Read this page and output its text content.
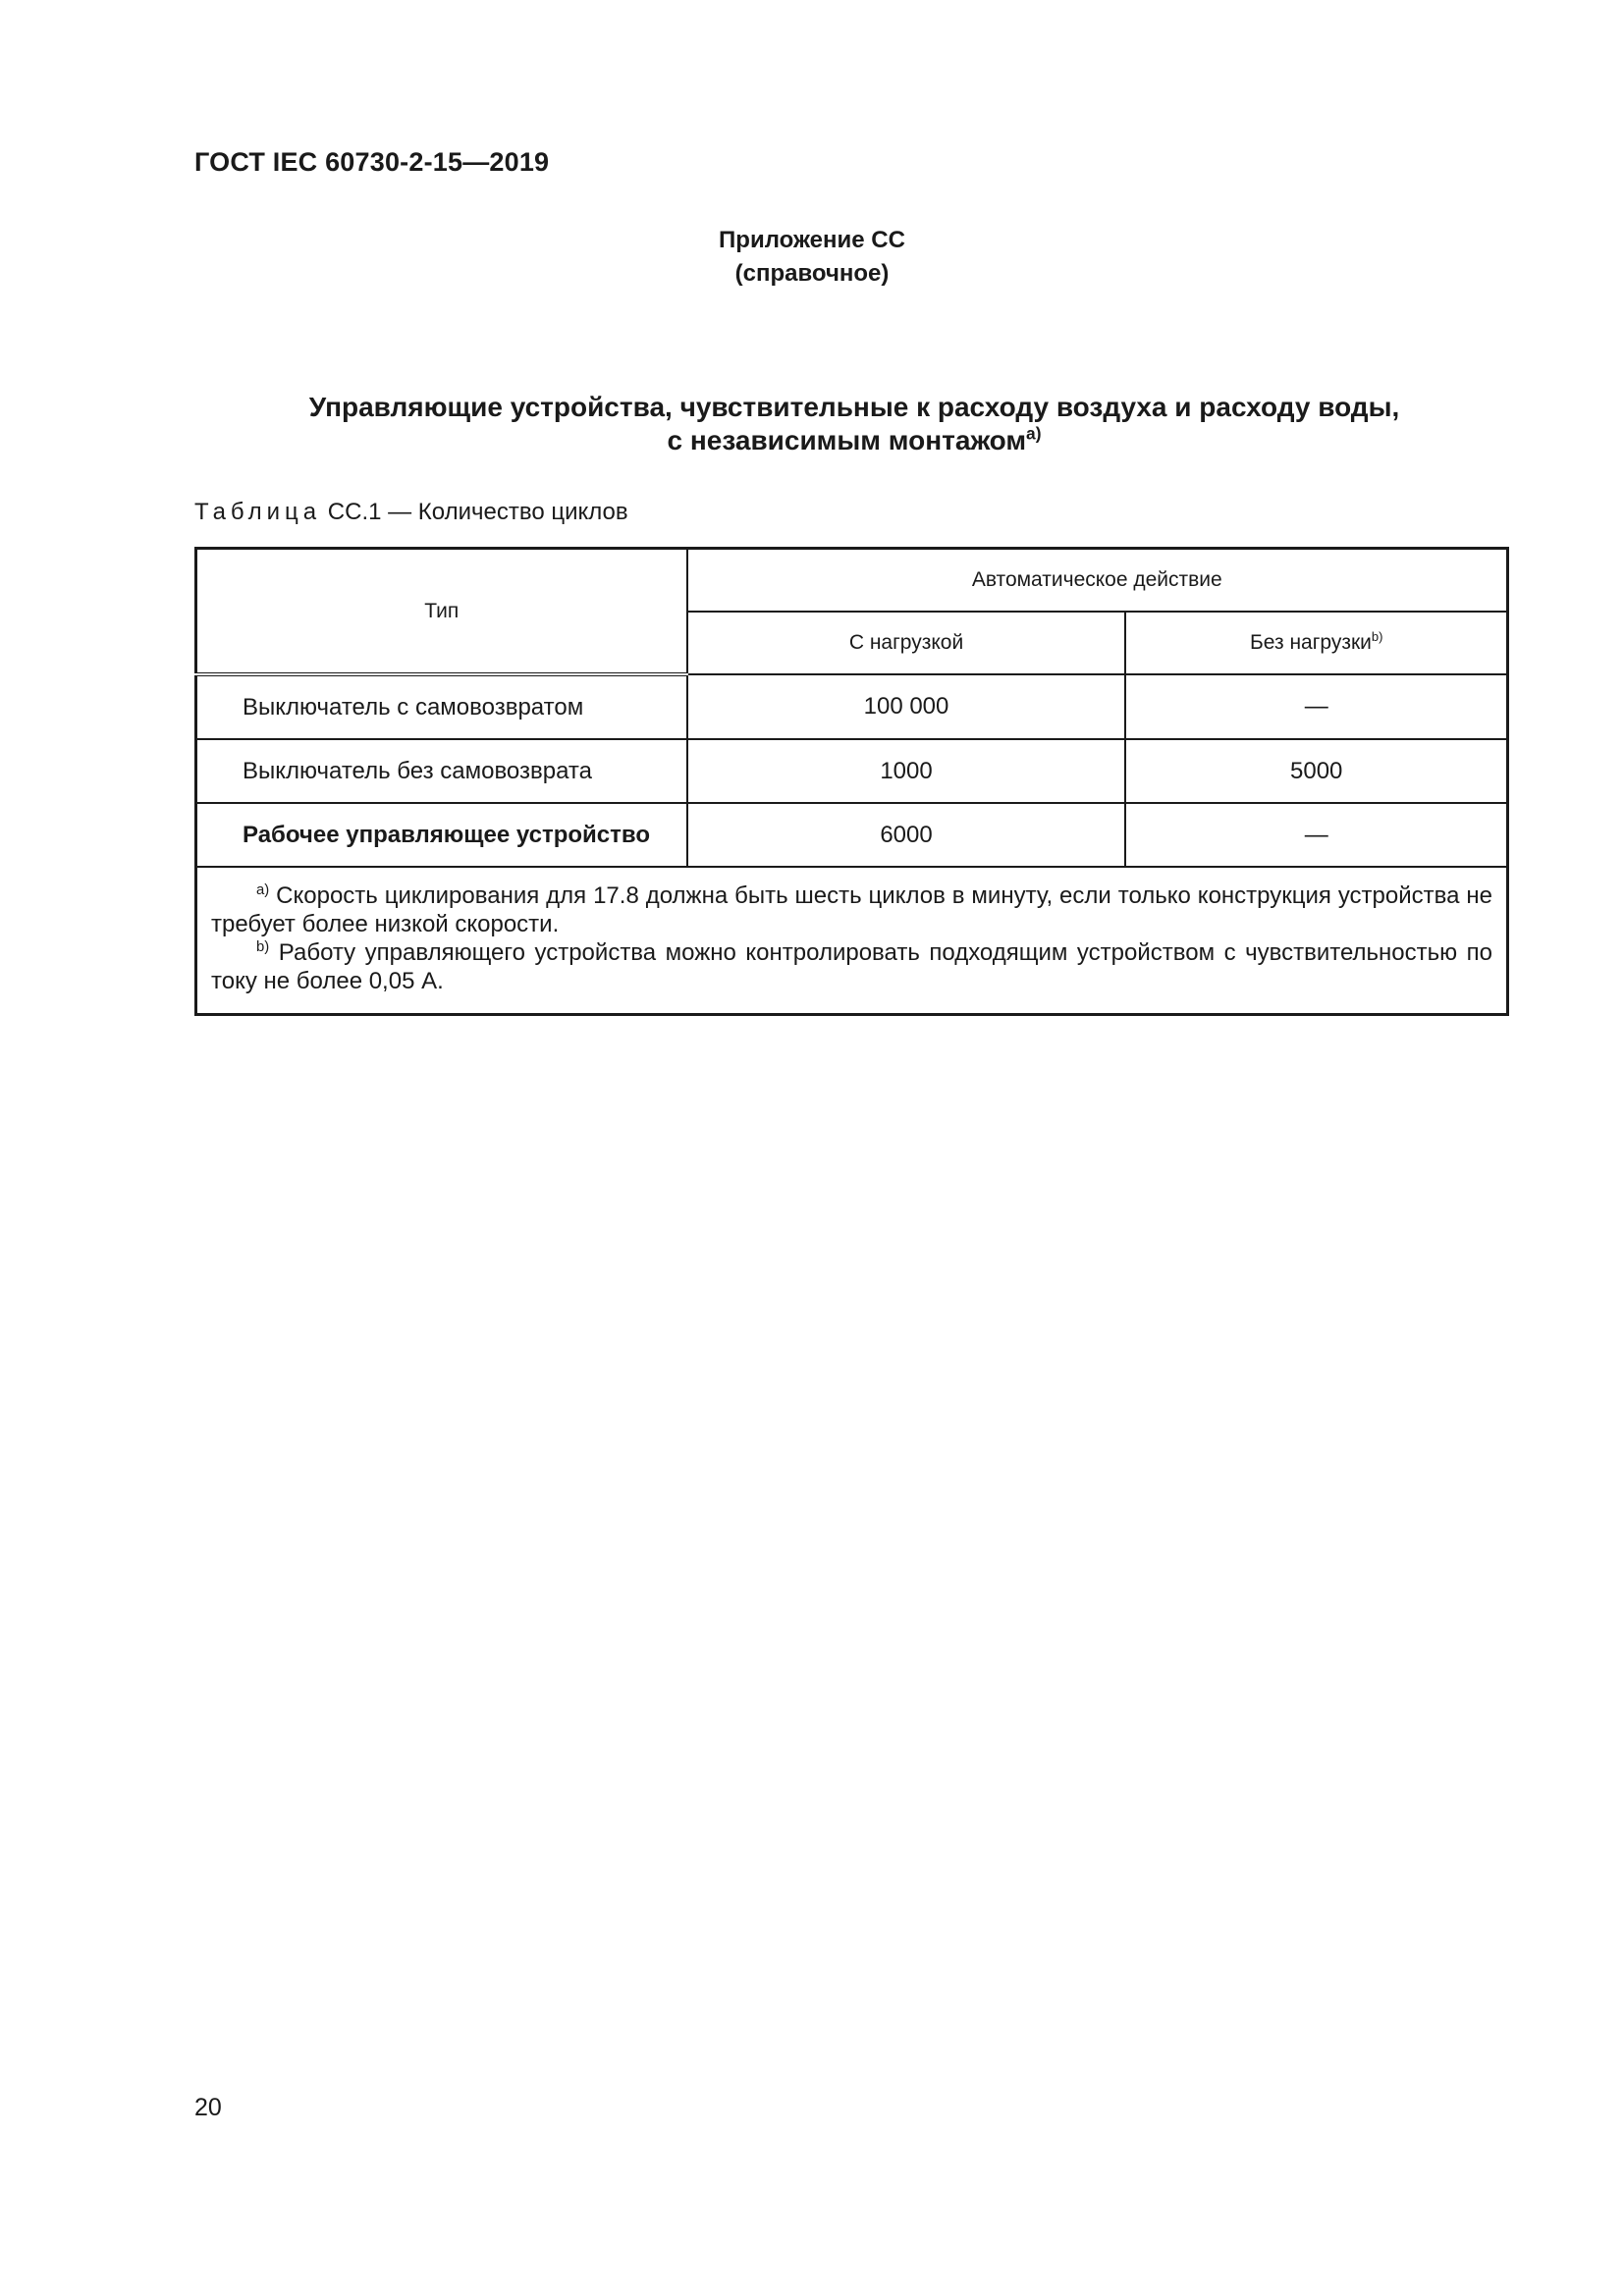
ГОСТ IEC 60730-2-15—2019
Приложение СС
(справочное)
Управляющие устройства, чувствительные к расходу воздуха и расходу воды,
с независимым монтажом$^{a)}$
Таблица СС.1 — Количество циклов
Тип	Автоматическое действие	
	С нагрузкой	Без нагрузки$^{b)}$
Выключатель с самовозвратом	100 000	—
Выключатель без самовозврата	1000	5000
Рабочее управляющее устройство	6000	—

$^{a)}$ Скорость циклирования для 17.8 должна быть шесть циклов в минуту, если только конструкция устройства не требует более низкой скорости.

$^{b)}$ Работу управляющего устройства можно контролировать подходящим устройством с чувствительностью по току не более 0,05 А.		

20
